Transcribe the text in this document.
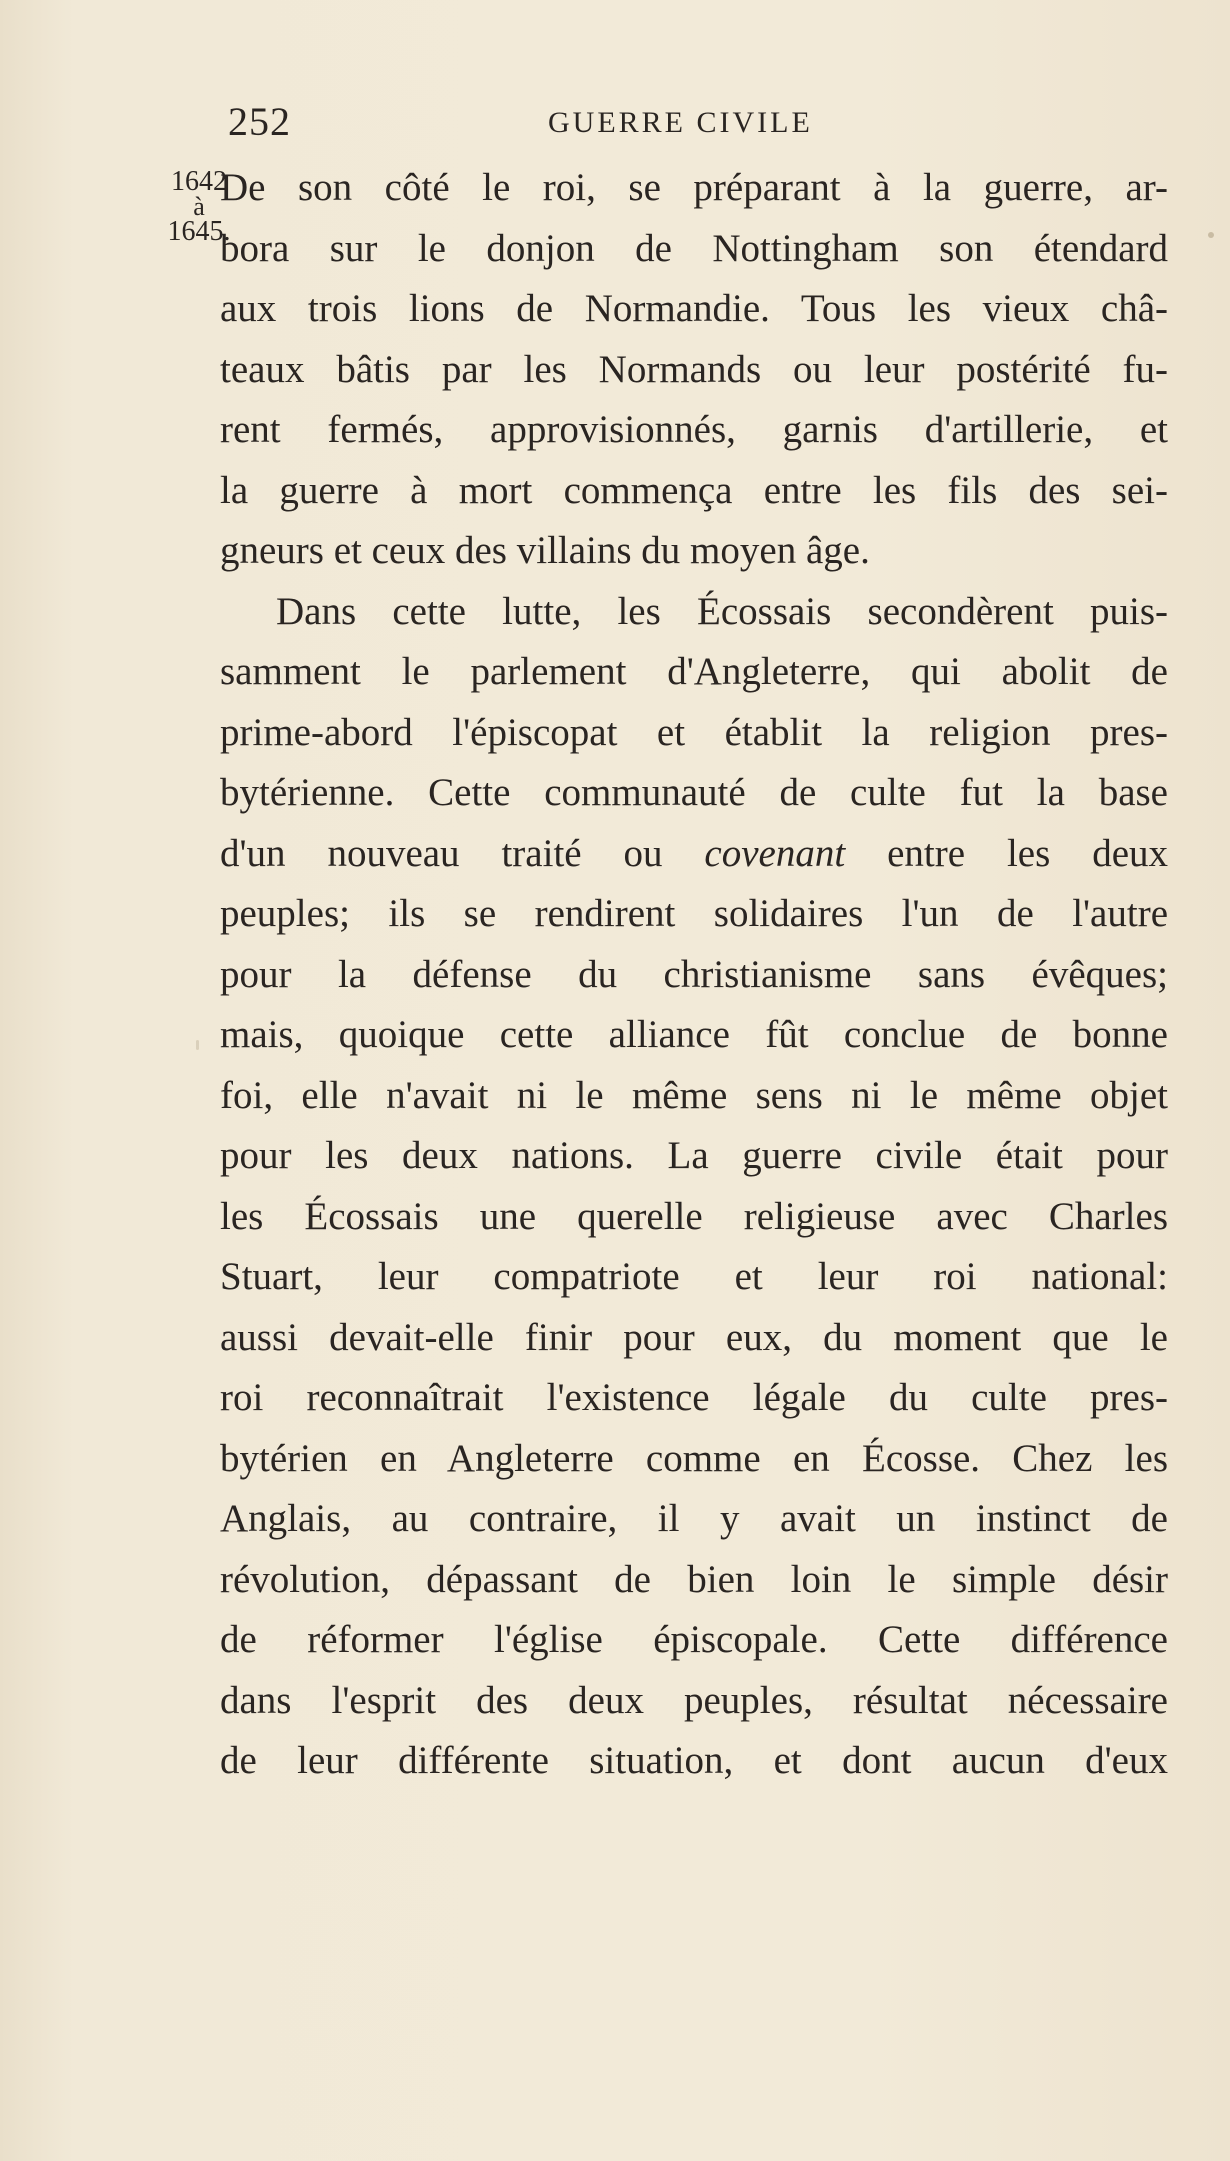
252	GUERRE CIVILE
1642
à
1645.
De son côté le roi, se préparant à la guerre, ar-
bora sur le donjon de Nottingham son étendard
aux trois lions de Normandie. Tous les vieux châ-
teaux bâtis par les Normands ou leur postérité fu-
rent fermés, approvisionnés, garnis d'artillerie, et
la guerre à mort commença entre les fils des sei-
gneurs et ceux des villains du moyen âge.
Dans cette lutte, les Écossais secondèrent puis-
samment le parlement d'Angleterre, qui abolit de
prime-abord l'épiscopat et établit la religion pres-
bytérienne. Cette communauté de culte fut la base
d'un nouveau traité ou covenant entre les deux
peuples; ils se rendirent solidaires l'un de l'autre
pour la défense du christianisme sans évêques;
mais, quoique cette alliance fût conclue de bonne
foi, elle n'avait ni le même sens ni le même objet
pour les deux nations. La guerre civile était pour
les Écossais une querelle religieuse avec Charles
Stuart, leur compatriote et leur roi national:
aussi devait-elle finir pour eux, du moment que le
roi reconnaîtrait l'existence légale du culte pres-
bytérien en Angleterre comme en Écosse. Chez les
Anglais, au contraire, il y avait un instinct de
révolution, dépassant de bien loin le simple désir
de réformer l'église épiscopale. Cette différence
dans l'esprit des deux peuples, résultat nécessaire
de leur différente situation, et dont aucun d'eux
